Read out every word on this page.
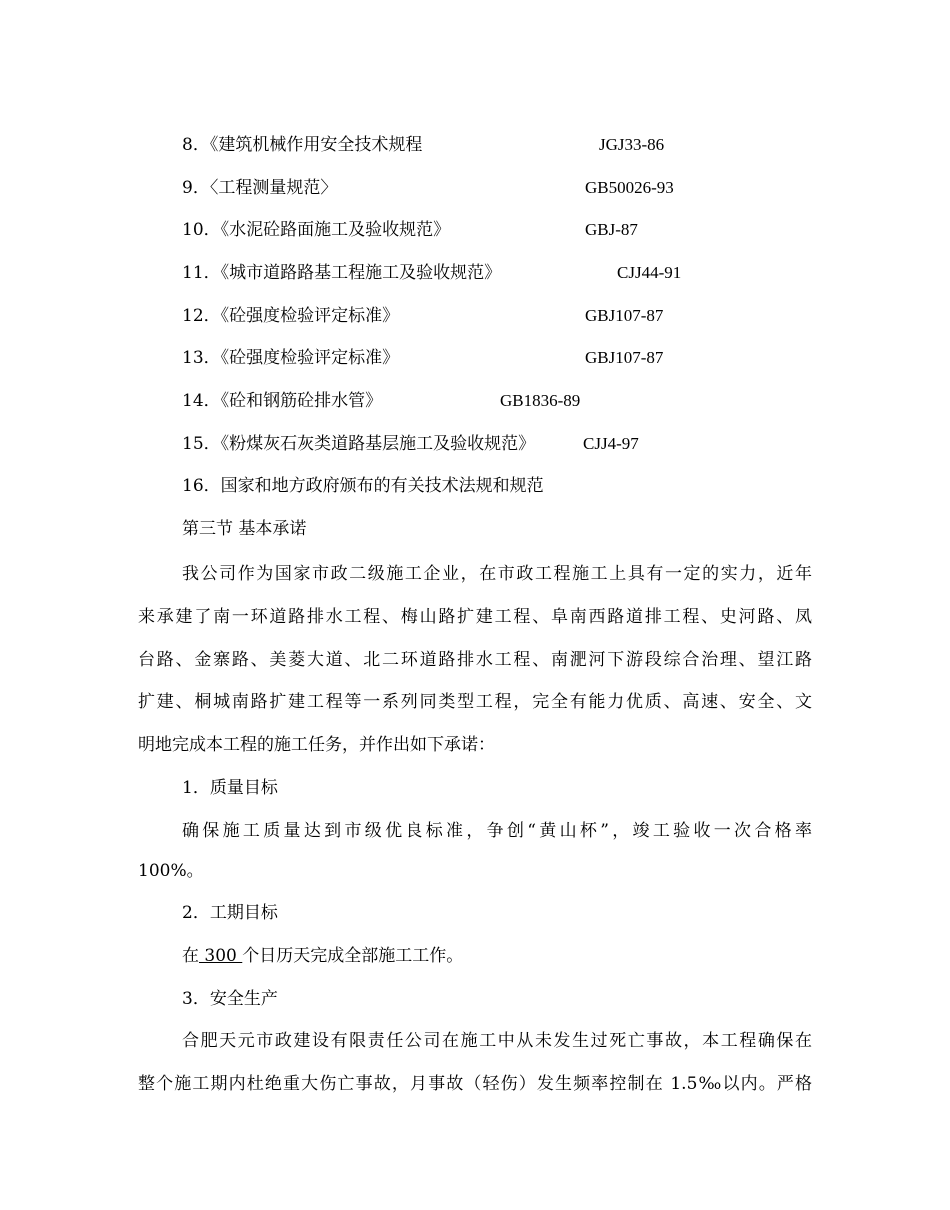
8．《建筑机械作用安全技术规程	JGJ33-86
9．〈工程测量规范〉	GB50026-93
10．《水泥砼路面施工及验收规范》	GBJ-87
11．《城市道路路基工程施工及验收规范》	CJJ44-91
12．《砼强度检验评定标准》	GBJ107-87
13．《砼强度检验评定标准》	GBJ107-87
14．《砼和钢筋砼排水管》	GB1836-89
15．《粉煤灰石灰类道路基层施工及验收规范》	CJJ4-97
16．国家和地方政府颁布的有关技术法规和规范
第三节 基本承诺
我公司作为国家市政二级施工企业，在市政工程施工上具有一定的实力，近年
来承建了南一环道路排水工程、梅山路扩建工程、阜南西路道排工程、史河路、凤
台路、金寨路、美菱大道、北二环道路排水工程、南淝河下游段综合治理、望江路
扩建、桐城南路扩建工程等一系列同类型工程，完全有能力优质、高速、安全、文
明地完成本工程的施工任务，并作出如下承诺：
1．质量目标
确保施工质量达到市级优良标准，争创“黄山杯”，竣工验收一次合格率
100%。
2．工期目标
在 300 个日历天完成全部施工工作。
3．安全生产
合肥天元市政建设有限责任公司在施工中从未发生过死亡事故，本工程确保在
整个施工期内杜绝重大伤亡事故，月事故（轻伤）发生频率控制在 1.5‰以内。严格
